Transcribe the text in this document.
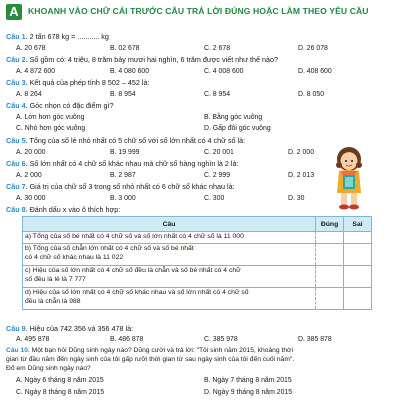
A	KHOANH VÀO CHỮ CÁI TRƯỚC CÂU TRẢ LỜI ĐÚNG HOẶC LÀM THEO YÊU CẦU
Câu 1. 2 tấn 678 kg = ........... kg
A. 20 678	B. 02 678	C. 2 678	D. 26 078
Câu 2. Số gồm có: 4 triệu, 8 trăm bảy mươi hai nghìn, 6 trăm được viết như thế nào?
A. 4 872 600	B. 4 080 600	C. 4 008 600	D. 408 600
Câu 3. Kết quả của phép tính 8 502 – 452 là:
A. 8 264	B. 8 954	C. 8 954	D. 8 050
Câu 4. Góc nhọn có đặc điểm gì?
A. Lớn hơn góc vuông	B. Bằng góc vuông
C. Nhỏ hơn góc vuông	D. Gấp đôi góc vuông
Câu 5. Tổng của số lẻ nhỏ nhất có 5 chữ số với số lớn nhất có 4 chữ số là:
A. 20 000	B. 19 999	C. 20 001	D. 2 000
Câu 6. Số lớn nhất có 4 chữ số khác nhau mà chữ số hàng nghìn là 2 là:
A. 2 000	B. 2 987	C. 2 999	D. 2 013
Câu 7. Giá trị của chữ số 3 trong số nhỏ nhất có 6 chữ số khác nhau là:
A. 30 000	B. 3 000	C. 300	D. 30
Câu 8. Đánh dấu x vào ô thích hợp:
Câu	Đúng	Sai
a) Tổng của số bé nhất có 4 chữ số và số lớn nhất có 4 chữ số là 11 000		
b) Tổng của số chẵn lớn nhất có 4 chữ số và số bé nhất
có 4 chữ số khác nhau là 11 022		
c) Hiệu của số lớn nhất có 4 chữ số đều là chẵn và số bé nhất có 4 chữ
số đều là lẻ là 7 777		
d) Hiệu của số lớn nhất có 4 chữ số khác nhau và số lớn nhất có 4 chữ số
đều là chẵn là 988		
Câu 9. Hiệu của 742 356 và 356 478 là:
A. 495 878	B. 486 878	C. 385 978	D. 385 878
Câu 10. Một bạn hỏi Dũng sinh ngày nào? Dũng cười và trả lời: "Tôi sinh năm 2015, khoảng thời
gian từ đầu năm đến ngày sinh của tôi gấp rưỡi thời gian từ sau ngày sinh của tôi đến cuối năm".
Đố em Dũng sinh ngày nào?
A. Ngày 6 tháng 8 năm 2015	B. Ngày 7 tháng 8 năm 2015
C. Ngày 8 tháng 8 năm 2015	D. Ngày 9 tháng 8 năm 2015
